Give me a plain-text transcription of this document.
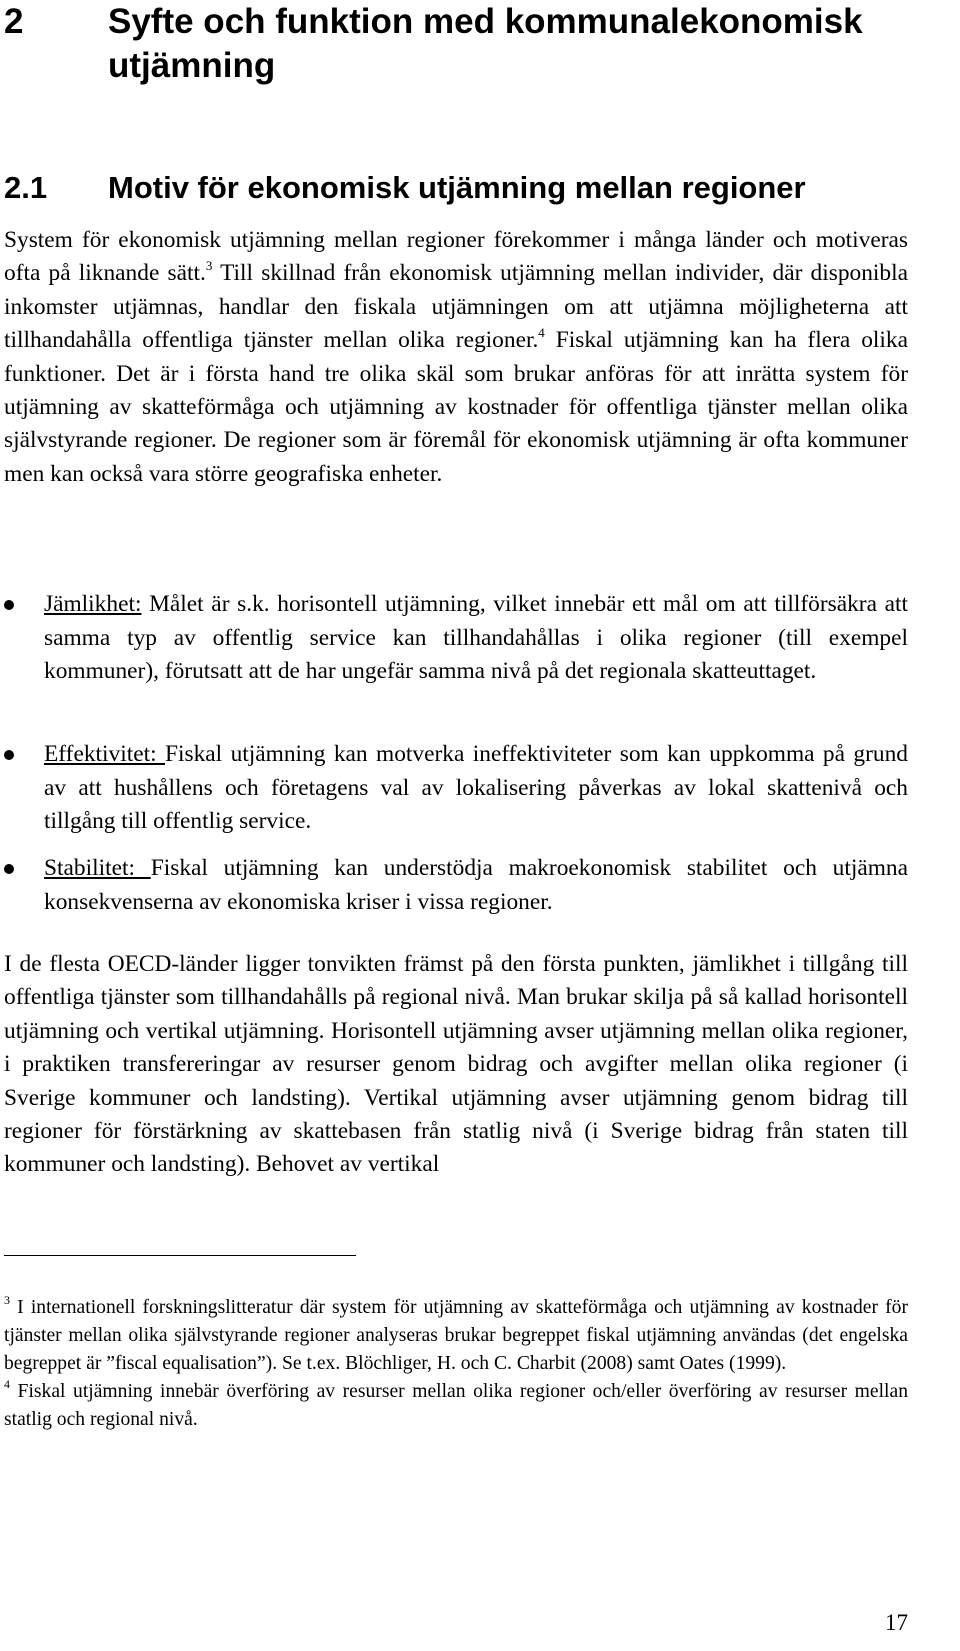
2 Syfte och funktion med kommunalekonomisk utjämning
2.1 Motiv för ekonomisk utjämning mellan regioner
System för ekonomisk utjämning mellan regioner förekommer i många länder och motiveras ofta på liknande sätt.$^3$ Till skillnad från ekonomisk utjämning mellan individer, där disponibla inkomster utjämnas, handlar den fiskala utjämningen om att utjämna möjligheterna att tillhandahålla offentliga tjänster mellan olika regioner.$^4$ Fiskal utjämning kan ha flera olika funktioner. Det är i första hand tre olika skäl som brukar anföras för att inrätta system för utjämning av skatteförmåga och utjämning av kostnader för offentliga tjänster mellan olika självstyrande regioner. De regioner som är föremål för ekonomisk utjämning är ofta kommuner men kan också vara större geografiska enheter.
Jämlikhet: Målet är s.k. horisontell utjämning, vilket innebär ett mål om att tillförsäkra att samma typ av offentlig service kan tillhandahållas i olika regioner (till exempel kommuner), förutsatt att de har ungefär samma nivå på det regionala skatteuttaget.
Effektivitet: Fiskal utjämning kan motverka ineffektiviteter som kan uppkomma på grund av att hushållens och företagens val av lokalisering påverkas av lokal skattenivå och tillgång till offentlig service.
Stabilitet: Fiskal utjämning kan understödja makroekonomisk stabilitet och utjämna konsekvenserna av ekonomiska kriser i vissa regioner.
I de flesta OECD-länder ligger tonvikten främst på den första punkten, jämlikhet i tillgång till offentliga tjänster som tillhandahålls på regional nivå. Man brukar skilja på så kallad horisontell utjämning och vertikal utjämning. Horisontell utjämning avser utjämning mellan olika regioner, i praktiken transfereringar av resurser genom bidrag och avgifter mellan olika regioner (i Sverige kommuner och landsting). Vertikal utjämning avser utjämning genom bidrag till regioner för förstärkning av skattebasen från statlig nivå (i Sverige bidrag från staten till kommuner och landsting). Behovet av vertikal
$^3$ I internationell forskningslitteratur där system för utjämning av skatteförmåga och utjämning av kostnader för tjänster mellan olika självstyrande regioner analyseras brukar begreppet fiskal utjämning användas (det engelska begreppet är ”fiscal equalisation”). Se t.ex. Blöchliger, H. och C. Charbit (2008) samt Oates (1999).
$^4$ Fiskal utjämning innebär överföring av resurser mellan olika regioner och/eller överföring av resurser mellan statlig och regional nivå.
17
